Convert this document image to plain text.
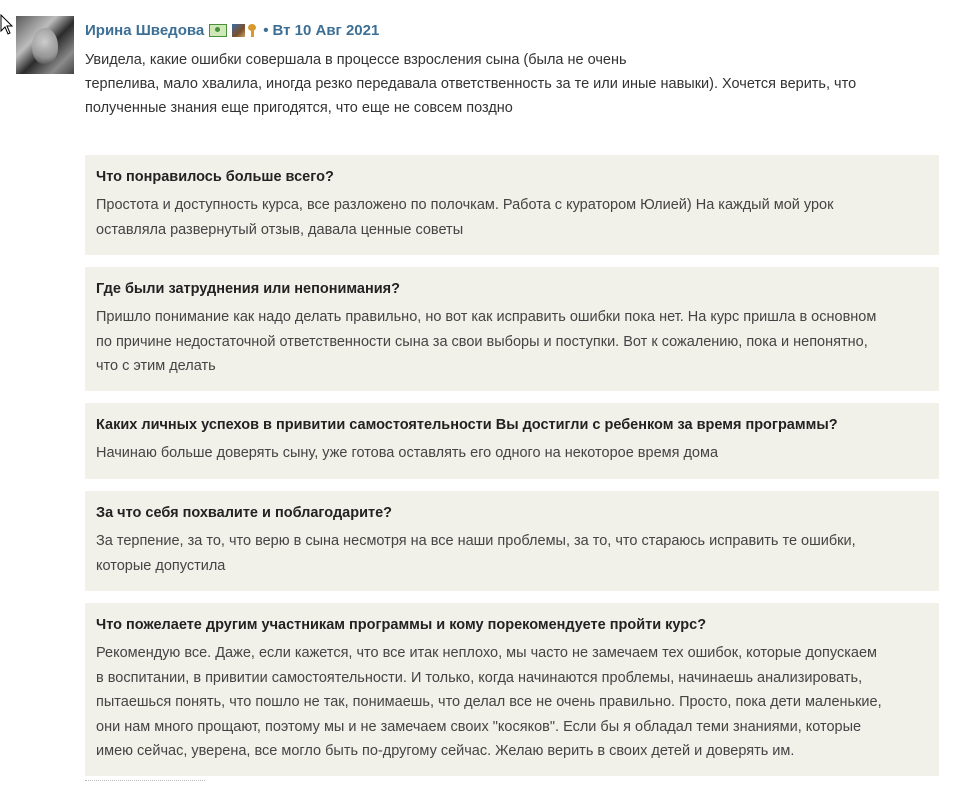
Ирина Шведова	• Вт 10 Авг 2021
Увидела, какие ошибки совершала в процессе взросления сына (была не очень
терпелива, мало хвалила, иногда резко передавала ответственность за те или иные навыки). Хочется верить, что
полученные знания еще пригодятся, что еще не совсем поздно
Что понравилось больше всего?
Простота и доступность курса, все разложено по полочкам. Работа с куратором Юлией) На каждый мой урок
оставляла развернутый отзыв, давала ценные советы
Где были затруднения или непонимания?
Пришло понимание как надо делать правильно, но вот как исправить ошибки пока нет. На курс пришла в основном
по причине недостаточной ответственности сына за свои выборы и поступки. Вот к сожалению, пока и непонятно,
что с этим делать
Каких личных успехов в привитии самостоятельности Вы достигли с ребенком за время программы?
Начинаю больше доверять сыну, уже готова оставлять его одного на некоторое время дома
За что себя похвалите и поблагодарите?
За терпение, за то, что верю в сына несмотря на все наши проблемы, за то, что стараюсь исправить те ошибки,
которые допустила
Что пожелаете другим участникам программы и кому порекомендуете пройти курс?
Рекомендую все. Даже, если кажется, что все итак неплохо, мы часто не замечаем тех ошибок, которые допускаем
в воспитании, в привитии самостоятельности. И только, когда начинаются проблемы, начинаешь анализировать,
пытаешься понять, что пошло не так, понимаешь, что делал все не очень правильно. Просто, пока дети маленькие,
они нам много прощают, поэтому мы и не замечаем своих "косяков". Если бы я обладал теми знаниями, которые
имею сейчас, уверена, все могло быть по-другому сейчас. Желаю верить в своих детей и доверять им.
